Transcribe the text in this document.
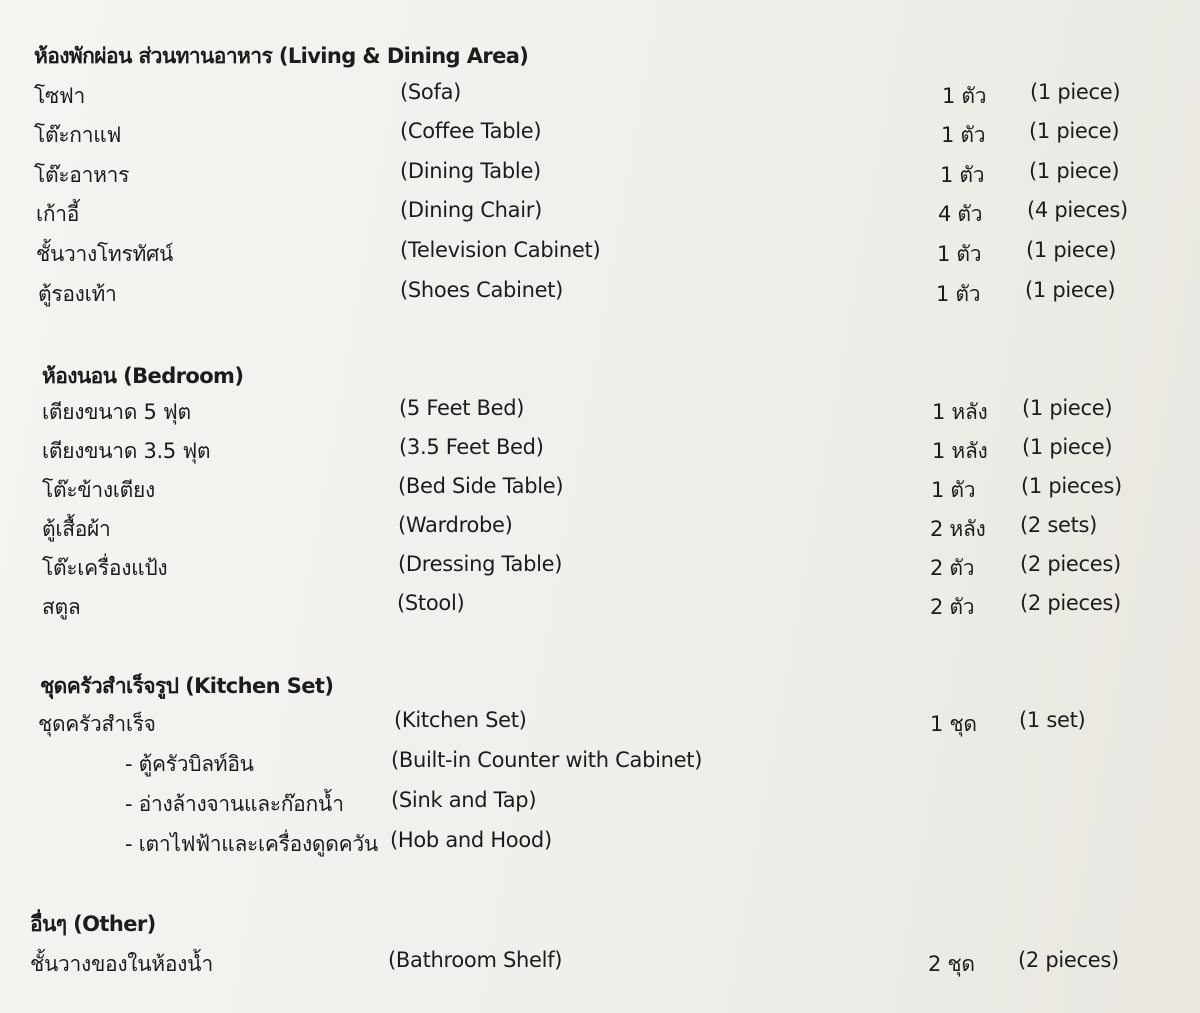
ห้องพักผ่อน ส่วนทานอาหาร (Living & Dining Area)
โซฟา	(Sofa)	1 ตัว (1 piece)
โต๊ะกาแฟ	(Coffee Table)	1 ตัว (1 piece)
โต๊ะอาหาร	(Dining Table)	1 ตัว (1 piece)
เก้าอี้	(Dining Chair)	4 ตัว (4 pieces)
ชั้นวางโทรทัศน์	(Television Cabinet)	1 ตัว (1 piece)
ตู้รองเท้า	(Shoes Cabinet)	1 ตัว (1 piece)
ห้องนอน (Bedroom)
เตียงขนาด 5 ฟุต	(5 Feet Bed)	1 หลัง (1 piece)
เตียงขนาด 3.5 ฟุต	(3.5 Feet Bed)	1 หลัง (1 piece)
โต๊ะข้างเตียง	(Bed Side Table)	1 ตัว (1 pieces)
ตู้เสื้อผ้า	(Wardrobe)	2 หลัง (2 sets)
โต๊ะเครื่องแป้ง	(Dressing Table)	2 ตัว (2 pieces)
สตูล	(Stool)	2 ตัว (2 pieces)
ชุดครัวสำเร็จรูป (Kitchen Set)
ชุดครัวสำเร็จ	(Kitchen Set)	1 ชุด (1 set)
- ตู้ครัวบิลท์อิน	(Built-in Counter with Cabinet)
- อ่างล้างจานและก๊อกน้ำ (Sink and Tap)
- เตาไฟฟ้าและเครื่องดูดควัน (Hob and Hood)
อื่นๆ (Other)
ชั้นวางของในห้องน้ำ	(Bathroom Shelf)	2 ชุด (2 pieces)
